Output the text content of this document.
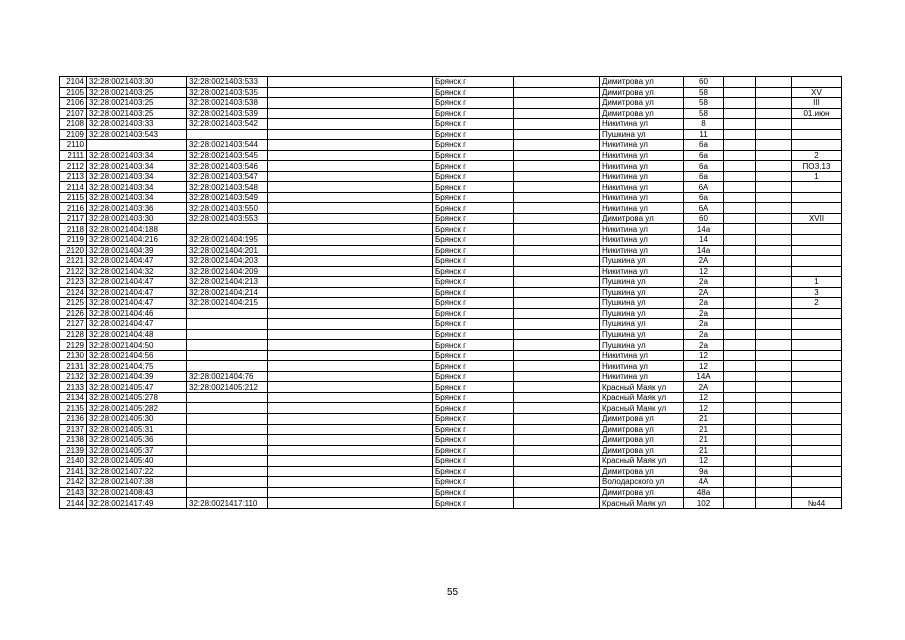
2104	32:28:0021403:30	32:28:0021403:533		Брянск г		Димитрова ул	60			
2105	32:28:0021403:25	32:28:0021403:535		Брянск г		Димитрова ул	58			XV
2106	32:28:0021403:25	32:28:0021403:538		Брянск г		Димитрова ул	58			III
2107	32:28:0021403:25	32:28:0021403:539		Брянск г		Димитрова ул	58			01.июн
2108	32:28:0021403:33	32:28:0021403:542		Брянск г		Никитина ул	8			
2109	32:28:0021403:543			Брянск г		Пушкина ул	11			
2110		32:28:0021403:544		Брянск г		Никитина ул	6а			
2111	32:28:0021403:34	32:28:0021403:545		Брянск г		Никитина ул	6а			2
2112	32:28:0021403:34	32:28:0021403:546		Брянск г		Никитина ул	6а			ПОЗ.13
2113	32:28:0021403:34	32:28:0021403:547		Брянск г		Никитина ул	6а			1
2114	32:28:0021403:34	32:28:0021403:548		Брянск г		Никитина ул	6А			
2115	32:28:0021403:34	32:28:0021403:549		Брянск г		Никитина ул	6а			
2116	32:28:0021403:36	32:28:0021403:550		Брянск г		Никитина ул	6А			
2117	32:28:0021403:30	32:28:0021403:553		Брянск г		Димитрова ул	60			XVII
2118	32:28:0021404:188			Брянск г		Никитина ул	14а			
2119	32:28:0021404:216	32:28:0021404:195		Брянск г		Никитина ул	14			
2120	32:28:0021404:39	32:28:0021404:201		Брянск г		Никитина ул	14а			
2121	32:28:0021404:47	32:28:0021404:203		Брянск г		Пушкина ул	2А			
2122	32:28:0021404:32	32:28:0021404:209		Брянск г		Никитина ул	12			
2123	32:28:0021404:47	32:28:0021404:213		Брянск г		Пушкина ул	2а			1
2124	32:28:0021404:47	32:28:0021404:214		Брянск г		Пушкина ул	2А			3
2125	32:28:0021404:47	32:28:0021404:215		Брянск г		Пушкина ул	2а			2
2126	32:28:0021404:46			Брянск г		Пушкина ул	2а			
2127	32:28:0021404:47			Брянск г		Пушкина ул	2а			
2128	32:28:0021404:48			Брянск г		Пушкина ул	2а			
2129	32:28:0021404:50			Брянск г		Пушкина ул	2а			
2130	32:28:0021404:56			Брянск г		Никитина ул	12			
2131	32:28:0021404:75			Брянск г		Никитина ул	12			
2132	32:28:0021404:39	32:28:0021404:76		Брянск г		Никитина ул	14А			
2133	32:28:0021405:47	32:28:0021405:212		Брянск г		Красный Маяк ул	2А			
2134	32:28:0021405:278			Брянск г		Красный Маяк ул	12			
2135	32:28:0021405:282			Брянск г		Красный Маяк ул	12			
2136	32:28:0021405:30			Брянск г		Димитрова ул	21			
2137	32:28:0021405:31			Брянск г		Димитрова ул	21			
2138	32:28:0021405:36			Брянск г		Димитрова ул	21			
2139	32:28:0021405:37			Брянск г		Димитрова ул	21			
2140	32:28:0021405:40			Брянск г		Красный Маяк ул	12			
2141	32:28:0021407:22			Брянск г		Димитрова ул	9а			
2142	32:28:0021407:38			Брянск г		Володарского ул	4А			
2143	32:28:0021408:43			Брянск г		Димитрова ул	48а			
2144	32:28:0021417:49	32:28:0021417:110		Брянск г		Красный Маяк ул	102			№44
55
